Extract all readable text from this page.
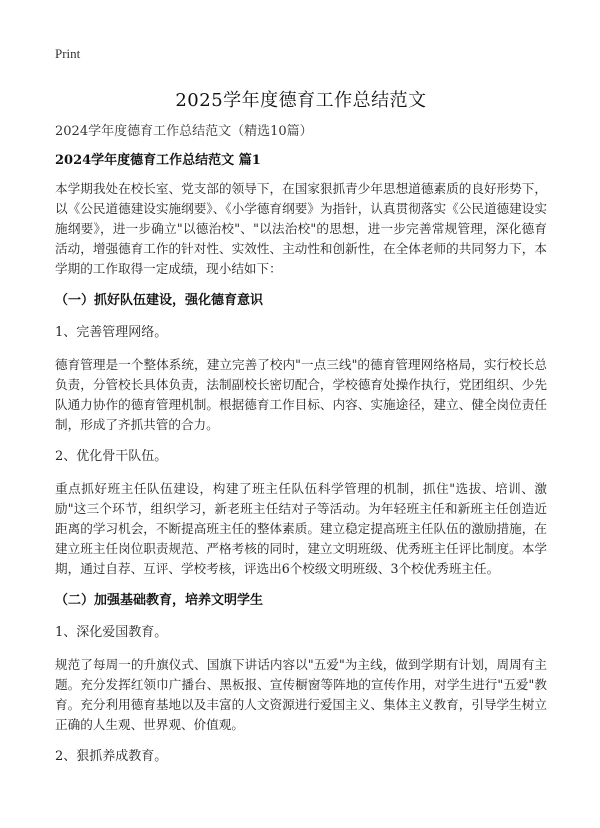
Print
2025学年度德育工作总结范文
2024学年度德育工作总结范文（精选10篇）
2024学年度德育工作总结范文 篇1

本学期我处在校长室、党支部的领导下，在国家狠抓青少年思想道德素质的良好形势下，以《公民道德建设实施纲要》、《小学德育纲要》为指针，认真贯彻落实《公民道德建设实施纲要》，进一步确立"以德治校"、"以法治校"的思想，进一步完善常规管理，深化德育活动，增强德育工作的针对性、实效性、主动性和创新性，在全体老师的共同努力下，本学期的工作取得一定成绩，现小结如下：

（一）抓好队伍建设，强化德育意识

1、完善管理网络。

德育管理是一个整体系统，建立完善了校内"一点三线"的德育管理网络格局，实行校长总负责，分管校长具体负责，法制副校长密切配合，学校德育处操作执行，党团组织、少先队通力协作的德育管理机制。根据德育工作目标、内容、实施途径，建立、健全岗位责任制，形成了齐抓共管的合力。

2、优化骨干队伍。

重点抓好班主任队伍建设，构建了班主任队伍科学管理的机制，抓住"选拔、培训、激励"这三个环节，组织学习，新老班主任结对子等活动。为年轻班主任和新班主任创造近距离的学习机会，不断提高班主任的整体素质。建立稳定提高班主任队伍的激励措施，在建立班主任岗位职责规范、严格考核的同时，建立文明班级、优秀班主任评比制度。本学期，通过自荐、互评、学校考核，评选出6个校级文明班级、3个校优秀班主任。

（二）加强基础教育，培养文明学生

1、深化爱国教育。

规范了每周一的升旗仪式、国旗下讲话内容以"五爱"为主线，做到学期有计划，周周有主题。充分发挥红领巾广播台、黑板报、宣传橱窗等阵地的宣传作用，对学生进行"五爱"教育。充分利用德育基地以及丰富的人文资源进行爱国主义、集体主义教育，引导学生树立正确的人生观、世界观、价值观。

2、狠抓养成教育。
